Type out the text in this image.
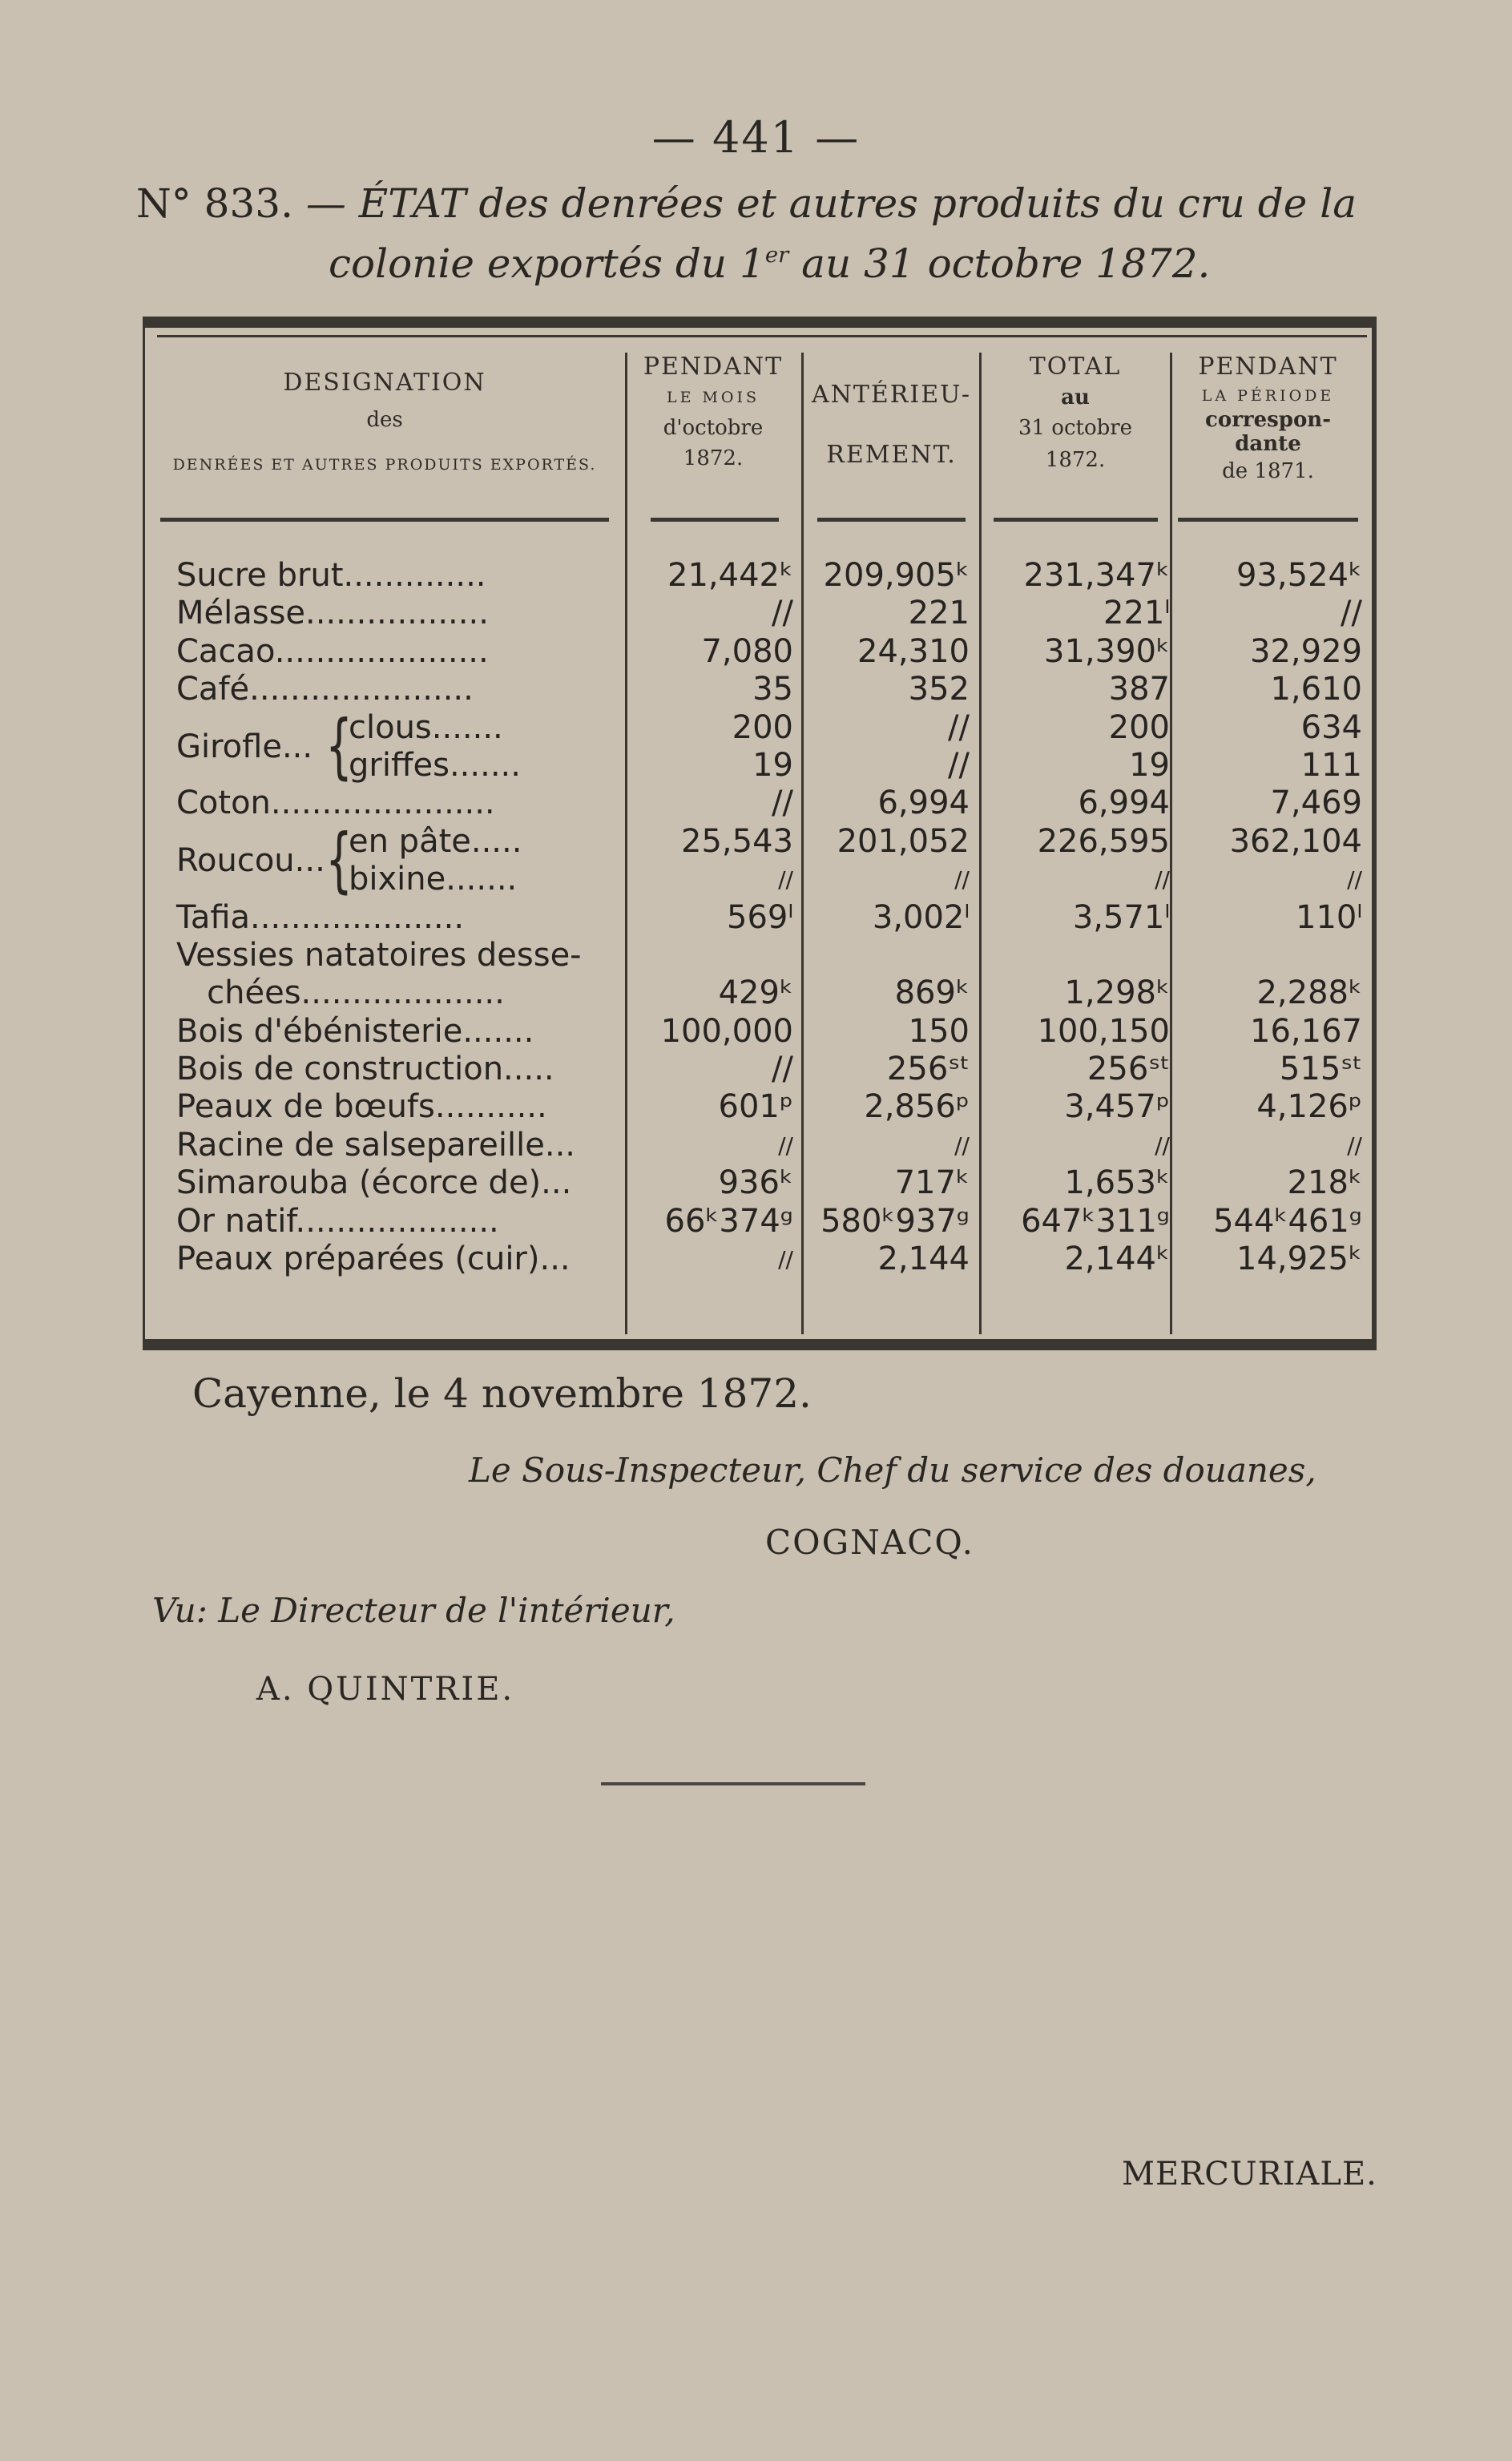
— 441 —
N° 833. — ÉTAT des denrées et autres produits du cru de la
colonie exportés du 1er au 31 octobre 1872.
DESIGNATION
des
DENRÉES ET AUTRES PRODUITS EXPORTÉS.
PENDANT
LE MOIS
d'octobre
1872.
ANTÉRIEU-
REMENT.
TOTAL
au
31 octobre
1872.
PENDANT
LA PÉRIODE
correspon-
dante
de 1871.
Sucre brut..............	21,442ᵏ 209,905ᵏ	231,347ᵏ	93,524ᵏ
Mélasse..................	//	221	221ˡ	//
Cacao.....................	7,080	24,310	31,390ᵏ	32,929
Café......................	35	352	387	1,610
Girofle... {
clous.......	200	//	200	634
griffes.......	19	//	19	111
Coton......................	//	6,994	6,994	7,469
Roucou... {
en pâte.....	25,543	201,052	226,595	362,104
bixine.......	//	//	//	//
Tafia.....................	569ˡ	3,002ˡ	3,571ˡ	110ˡ
Vessies natatoires desse-
chées....................	429ᵏ	869ᵏ	1,298ᵏ	2,288ᵏ
Bois d'ébénisterie.......	100,000	150	100,150	16,167
Bois de construction.....	//	256ˢᵗ	256ˢᵗ	515ˢᵗ
Peaux de bœufs...........	601ᵖ	2,856ᵖ	3,457ᵖ	4,126ᵖ
Racine de salsepareille...	//	//	//	//
Simarouba (écorce de)...	936ᵏ	717ᵏ	1,653ᵏ	218ᵏ
Or natif....................	66ᵏ374ᵍ 580ᵏ937ᵍ	647ᵏ311ᵍ	544ᵏ461ᵍ
Peaux préparées (cuir)...	//	2,144	2,144ᵏ	14,925ᵏ
Cayenne, le 4 novembre 1872.
Le Sous-Inspecteur, Chef du service des douanes,
COGNACQ.
Vu: Le Directeur de l'intérieur,
A. QUINTRIE.
MERCURIALE.
